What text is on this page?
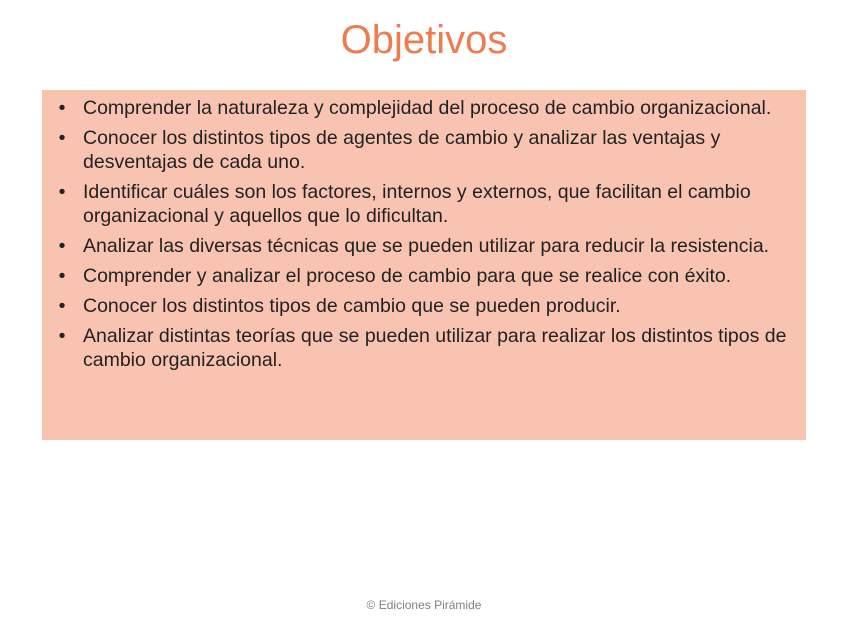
Objetivos
• Comprender la naturaleza y complejidad del proceso de cambio organizacional.
• Conocer los distintos tipos de agentes de cambio y analizar las ventajas y desventajas de cada uno.
• Identificar cuáles son los factores, internos y externos, que facilitan el cambio organizacional y aquellos que lo dificultan.
• Analizar las diversas técnicas que se pueden utilizar para reducir la resistencia.
• Comprender y analizar el proceso de cambio para que se realice con éxito.
• Conocer los distintos tipos de cambio que se pueden producir.
• Analizar distintas teorías que se pueden utilizar para realizar los distintos tipos de cambio organizacional.
© Ediciones Pirámide
